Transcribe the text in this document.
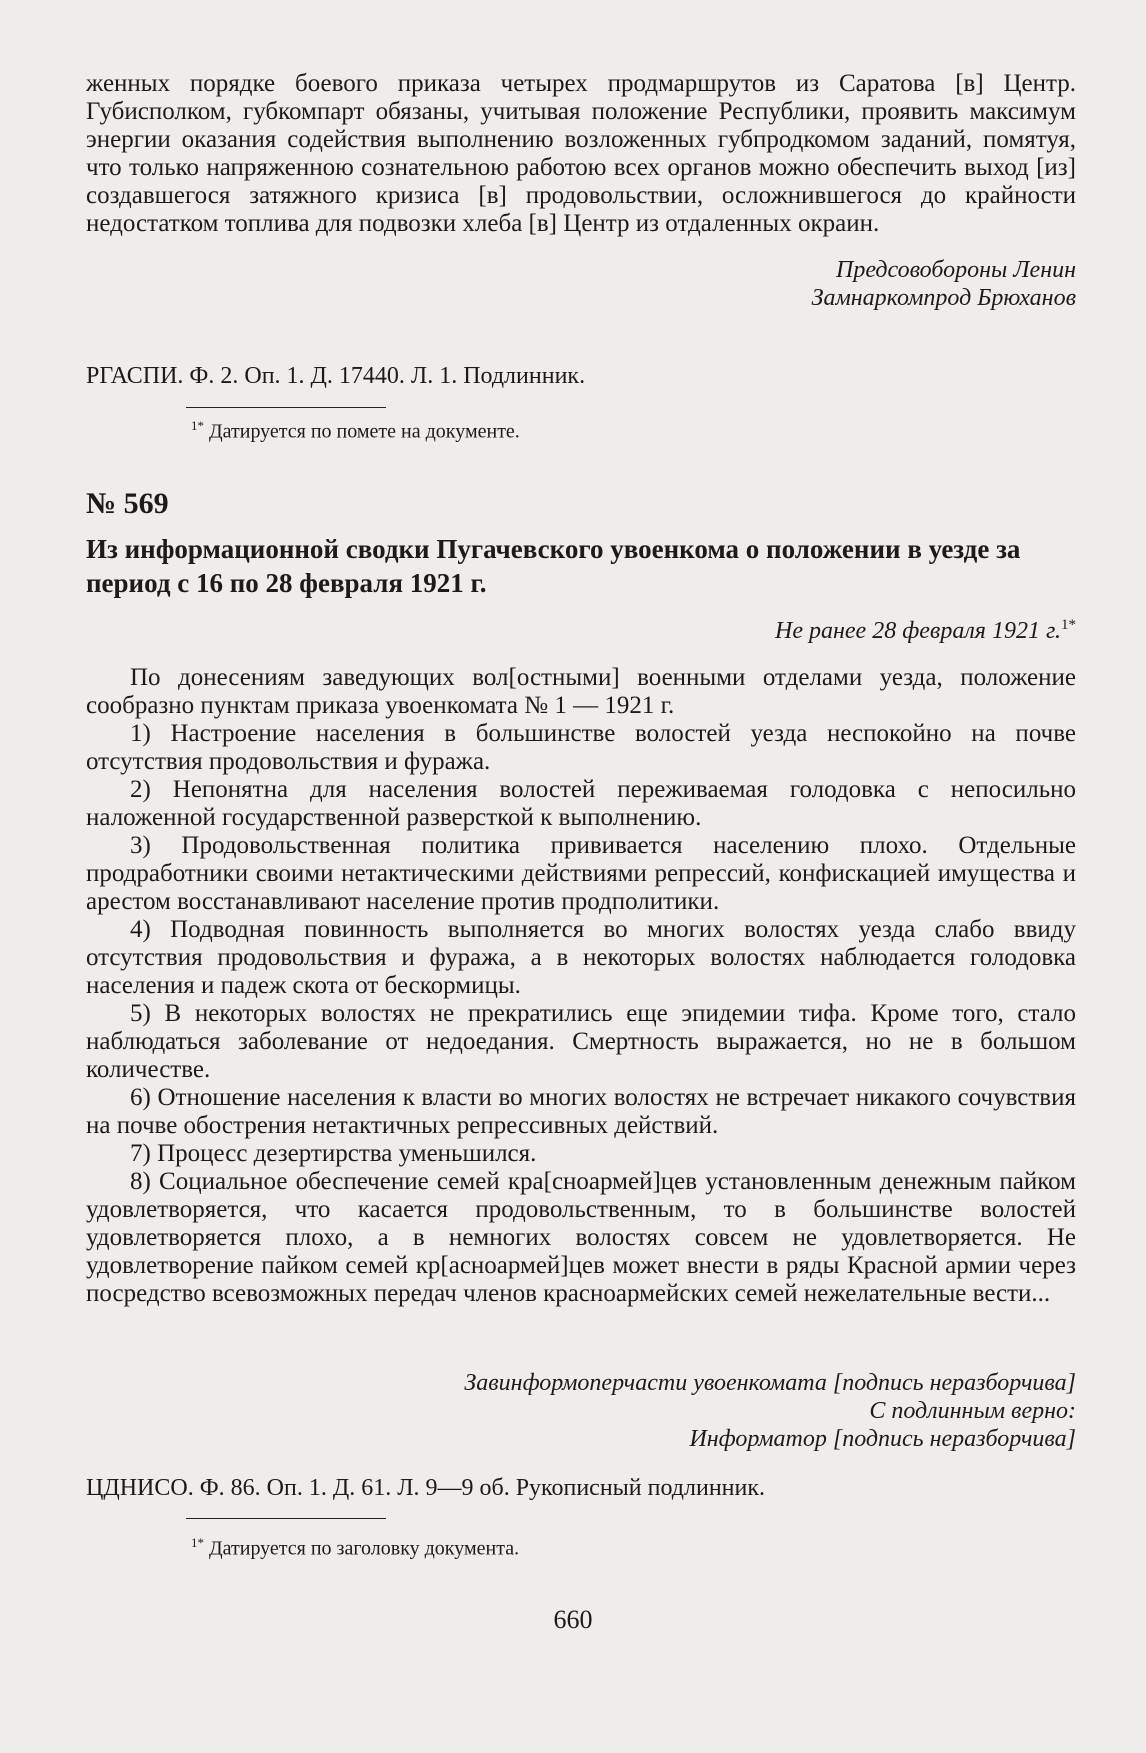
женных порядке боевого приказа четырех продмаршрутов из Саратова [в] Центр. Губисполком, губкомпарт обязаны, учитывая положение Республики, проявить максимум энергии оказания содействия выполнению возложенных губпродкомом заданий, помятуя, что только напряженною сознательною работою всех органов можно обеспечить выход [из] создавшегося затяжного кризиса [в] продовольствии, осложнившегося до крайности недостатком топлива для подвозки хлеба [в] Центр из отдаленных окраин.

Предсовобороны Ленин

Замнаркомпрод Брюханов

РГАСПИ. Ф. 2. Оп. 1. Д. 17440. Л. 1. Подлинник.

$^{1*}$ Датируется по помете на документе.

№ 569

Из информационной сводки Пугачевского увоенкома о положении в уезде за период с 16 по 28 февраля 1921 г.

Не ранее 28 февраля 1921 г.$^{1*}$

По донесениям заведующих вол[остными] военными отделами уезда, положение сообразно пунктам приказа увоенкомата № 1 — 1921 г.

1) Настроение населения в большинстве волостей уезда неспокойно на почве отсутствия продовольствия и фуража.

2) Непонятна для населения волостей переживаемая голодовка с непосильно наложенной государственной разверсткой к выполнению.

3) Продовольственная политика прививается населению плохо. Отдельные продработники своими нетактическими действиями репрессий, конфискацией имущества и арестом восстанавливают население против продполитики.

4) Подводная повинность выполняется во многих волостях уезда слабо ввиду отсутствия продовольствия и фуража, а в некоторых волостях наблюдается голодовка населения и падеж скота от бескормицы.

5) В некоторых волостях не прекратились еще эпидемии тифа. Кроме того, стало наблюдаться заболевание от недоедания. Смертность выражается, но не в большом количестве.

6) Отношение населения к власти во многих волостях не встречает никакого сочувствия на почве обострения нетактичных репрессивных действий.

7) Процесс дезертирства уменьшился.

8) Социальное обеспечение семей кра[сноармей]цев установленным денежным пайком удовлетворяется, что касается продовольственным, то в большинстве волостей удовлетворяется плохо, а в немногих волостях совсем не удовлетворяется. Не удовлетворение пайком семей кр[асноармей]цев может внести в ряды Красной армии через посредство всевозможных передач членов красноармейских семей нежелательные вести...

Завинформоперчасти увоенкомата [подпись неразборчива]

С подлинным верно:

Информатор [подпись неразборчива]

ЦДНИСО. Ф. 86. Оп. 1. Д. 61. Л. 9—9 об. Рукописный подлинник.

$^{1*}$ Датируется по заголовку документа.

660
